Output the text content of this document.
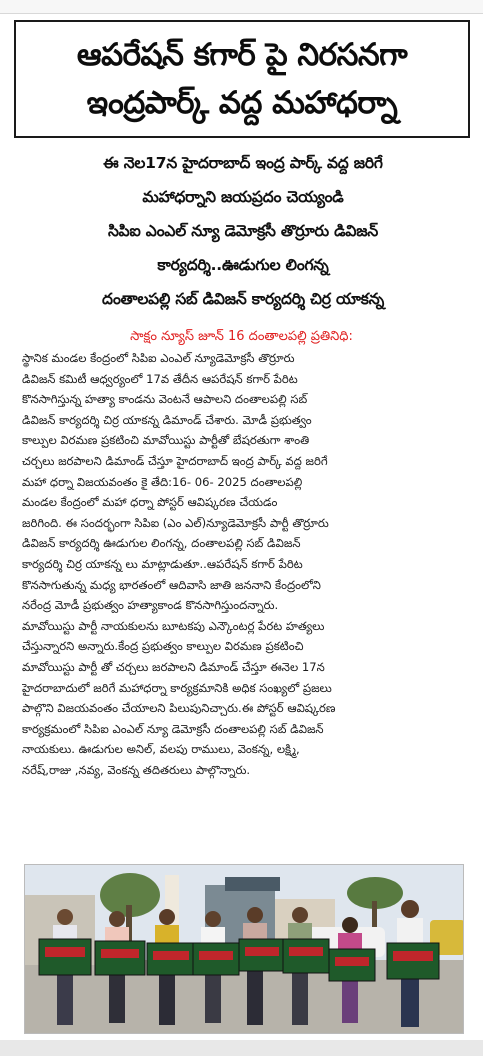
ఆపరేషన్ కగార్ పై నిరసనగా
ఇంద్రపార్క్ వద్ద మహాధర్నా
ఈ నెల17న హైదరాబాద్ ఇంద్ర పార్క్ వద్ద జరిగే
మహాధర్నాని జయప్రదం చెయ్యండి
సిపిఐ ఎంఎల్ న్యూ డెమోక్రసీ తొర్రూరు డివిజన్
కార్యదర్శి..ఊడుగుల లింగన్న
దంతాలపల్లి సబ్ డివిజన్ కార్యదర్శి చిర్ర యాకన్న
సాక్షం న్యూస్ జూన్ 16 దంతాలపల్లి ప్రతినిధి:

స్థానిక మండల కేంద్రంలో సిపిఐ ఎంఎల్ న్యూడెమోక్రసీ తొర్రూరు

డివిజన్ కమిటీ ఆధ్వర్యంలో 17వ తేదీన ఆపరేషన్ కగార్ పేరిట

కొనసాగిస్తున్న హత్యా కాండను వెంటనే ఆపాలని దంతాలపల్లి సబ్

డివిజన్ కార్యదర్శి చిర్ర యాకన్న డిమాండ్ చేశారు. మోడీ ప్రభుత్వం

కాల్పుల విరమణ ప్రకటించి మావోయిస్టు పార్టీతో బేషరతుగా శాంతి

చర్చలు జరపాలని డిమాండ్ చేస్తూ హైదరాబాద్ ఇంద్ర పార్క్ వద్ద జరిగే

మహా ధర్నా విజయవంతం కై తేది:16- 06- 2025 దంతాలపల్లి

మండల కేంద్రంలో మహా ధర్నా పోస్టర్ ఆవిష్కరణ చేయడం

జరిగింది. ఈ సందర్భంగా సిపిఐ (ఎం ఎల్)న్యూడెమోక్రసీ పార్టీ తొర్రూరు

డివిజన్ కార్యదర్శి ఊడుగుల లింగన్న, దంతాలపల్లి సబ్ డివిజన్

కార్యదర్శి చిర్ర యాకన్న లు మాట్లాడుతూ..ఆపరేషన్ కగార్ పేరిట

కొనసాగుతున్న మధ్య భారతంలో ఆదివాసి జాతి జననాని కేంద్రంలోని

నరేంద్ర మోడీ ప్రభుత్వం హత్యాకాండ కొనసాగిస్తుందన్నారు.

మావోయిస్టు పార్టీ నాయకులను బూటకపు ఎన్కౌంటర్ల పేరట హత్యలు

చేస్తున్నారని అన్నారు.కేంద్ర ప్రభుత్వం కాల్పుల విరమణ ప్రకటించి

మావోయిస్టు పార్టీ తో చర్చలు జరపాలని డిమాండ్ చేస్తూ ఈనెల 17న

హైదరాబాదులో జరిగే మహాధర్నా కార్యక్రమానికి అధిక సంఖ్యలో ప్రజలు

పాల్గొని విజయవంతం చేయాలని పిలుపునిచ్చారు.ఈ పోస్టర్ ఆవిష్కరణ

కార్యక్రమంలో సిపిఐ ఎంఎల్ న్యూ డెమోక్రసీ దంతాలపల్లి సబ్ డివిజన్

నాయకులు. ఊడుగుల అనిల్, వలపు రాములు, వెంకన్న, లక్ష్మి,

నరేష్,రాజు ,నవ్య, వెంకన్న తదితరులు పాల్గొన్నారు.
